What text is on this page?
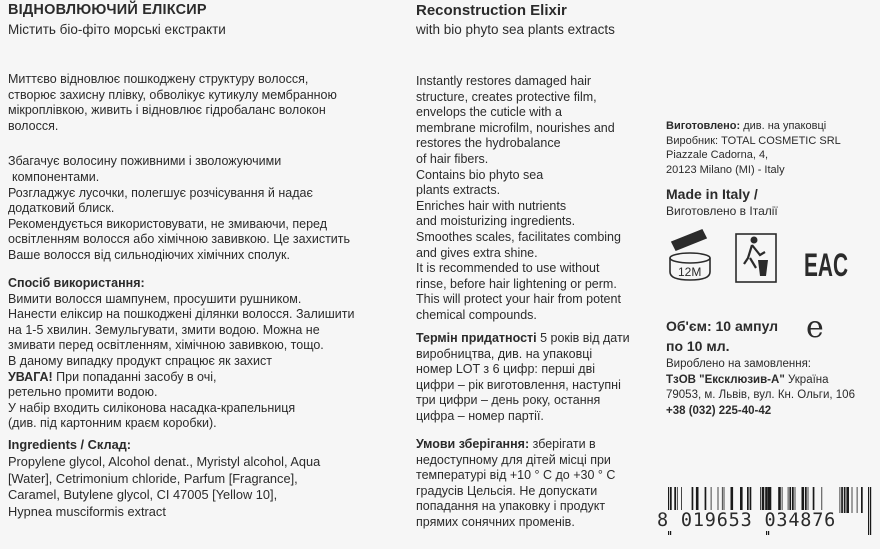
ВІДНОВЛЮЮЧИЙ ЕЛІКСИР
Містить біо-фіто морські екстракти
Reconstruction Elixir
with bio phyto sea plants extracts
Миттєво відновлює пошкоджену структуру волосся,
створює захисну плівку, обволікує кутикулу мембранною
мікроплівкою, живить і відновлює гідробаланс волокон
волосся.
Збагачує волосину поживними і зволожуючими
компонентами.
Розгладжує лусочки, полегшує розчісування й надає
додатковий блиск.
Рекомендується використовувати, не змиваючи, перед
освітленням волосся або хімічною завивкою. Це захистить
Ваше волосся від сильнодіючих хімічних сполук.
Спосіб використання:
Вимити волосся шампунем, просушити рушником.
Нанести еліксир на пошкоджені ділянки волосся. Залишити
на 1-5 хвилин. Земульгувати, змити водою. Можна не
змивати перед освітленням, хімічною завивкою, тощо.
В даному випадку продукт спрацює як захист
УВАГА! При попаданні засобу в очі,
ретельно промити водою.
У набір входить силіконова насадка-крапельниця
(див. під картонним краєм коробки).
Ingredients / Склад:
Propylene glycol, Alcohol denat., Myristyl alcohol, Aqua
[Water], Cetrimonium chloride, Parfum [Fragrance],
Caramel, Butylene glycol, CI 47005 [Yellow 10],
Hypnea musciformis extract
Instantly restores damaged hair
structure, creates protective film,
envelops the cuticle with a
membrane microfilm, nourishes and
restores the hydrobalance
of hair fibers.
Contains bio phyto sea
plants extracts.
Enriches hair with nutrients
and moisturizing ingredients.
Smoothes scales, facilitates combing
and gives extra shine.
It is recommended to use without
rinse, before hair lightening or perm.
This will protect your hair from potent
chemical compounds.
Термін придатності 5 років від дати
виробництва, див. на упаковці
номер LOT з 6 цифр: перші дві
цифри – рік виготовлення, наступні
три цифри – день року, остання
цифра – номер партії.
Умови зберігання: зберігати в
недоступному для дітей місці при
температурі від +10 ° С до +30 ° С
градусів Цельсія. Не допускати
попадання на упаковку і продукт
прямих сонячних променів.
Виготовлено: див. на упаковці
Виробник: TOTAL COSMETIC SRL
Piazzale Cadorna, 4,
20123 Milano (MI) - Italy
Made in Italy /
Виготовлено в Італії
12M	EAC
Об'єм: 10 ампул
по 10 мл.
e
Вироблено на замовлення:
ТзОВ "Ексклюзив-А" Україна
79053, м. Львів, вул. Кн. Ольги, 106
+38 (032) 225-40-42
8 019653 034876
